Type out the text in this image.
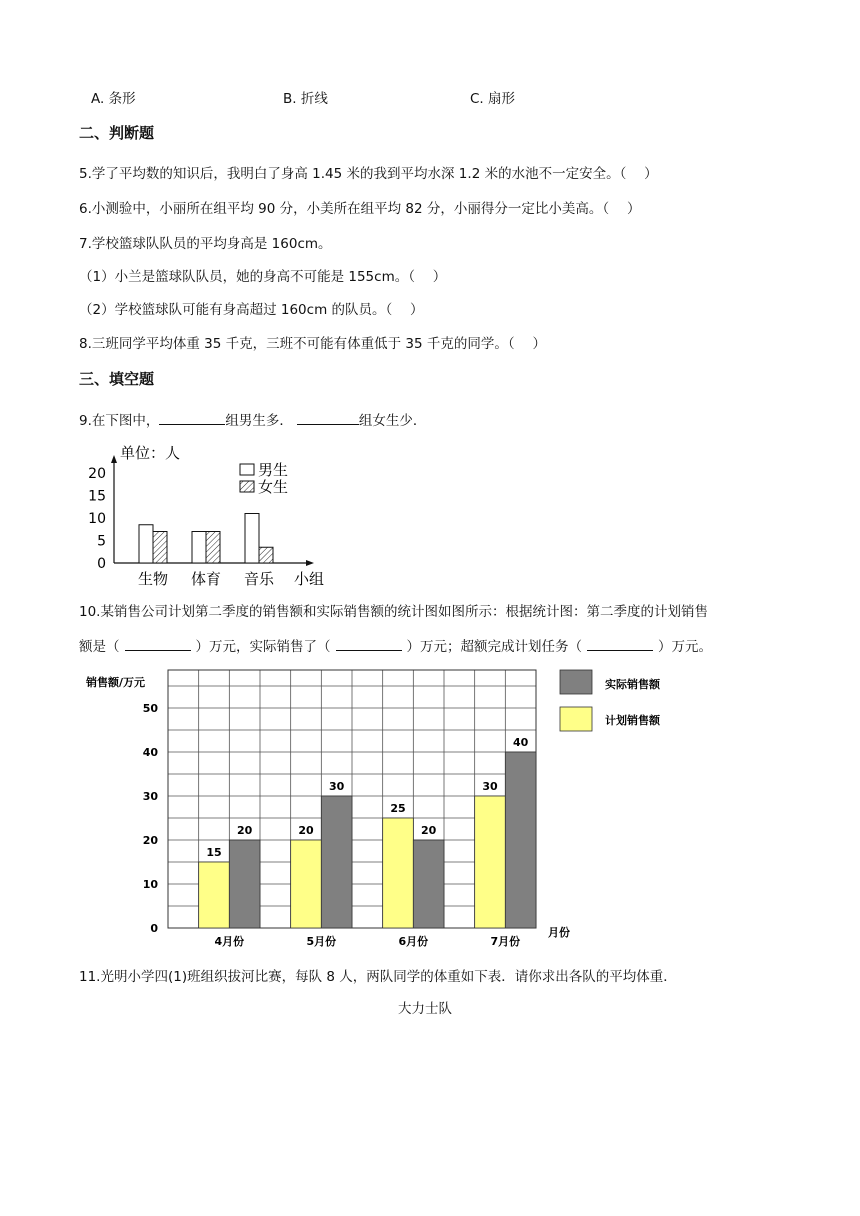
A. 条形	B. 折线	C. 扇形
二、判断题
5.学了平均数的知识后，我明白了身高 1.45 米的我到平均水深 1.2 米的水池不一定安全。（　 ）
6.小测验中，小丽所在组平均 90 分，小美所在组平均 82 分，小丽得分一定比小美高。（　 ）
7.学校篮球队队员的平均身高是 160cm。
（1）小兰是篮球队队员，她的身高不可能是 155cm。（　 ）
（2）学校篮球队可能有身高超过 160cm 的队员。（　 ）
8.三班同学平均体重 35 千克，三班不可能有体重低于 35 千克的同学。（　 ）
三、填空题
9.在下图中，	组男生多．	组女生少．
单位：人
0
5
10
15
20
生物 体育 音乐 小组
男生
女生
10.某销售公司计划第二季度的销售额和实际销售额的统计图如图所示：根据统计图：第二季度的计划销售
额是（	）万元，实际销售了（	）万元；超额完成计划任务（	）万元。
销售额/万元
15
20	20
30
25
20
30
40
0
10
20
30
40
50
4月份	5月份	6月份	7月份
月份
实际销售额
计划销售额
11.光明小学四(1)班组织拔河比赛，每队 8 人，两队同学的体重如下表．请你求出各队的平均体重．
大力士队
